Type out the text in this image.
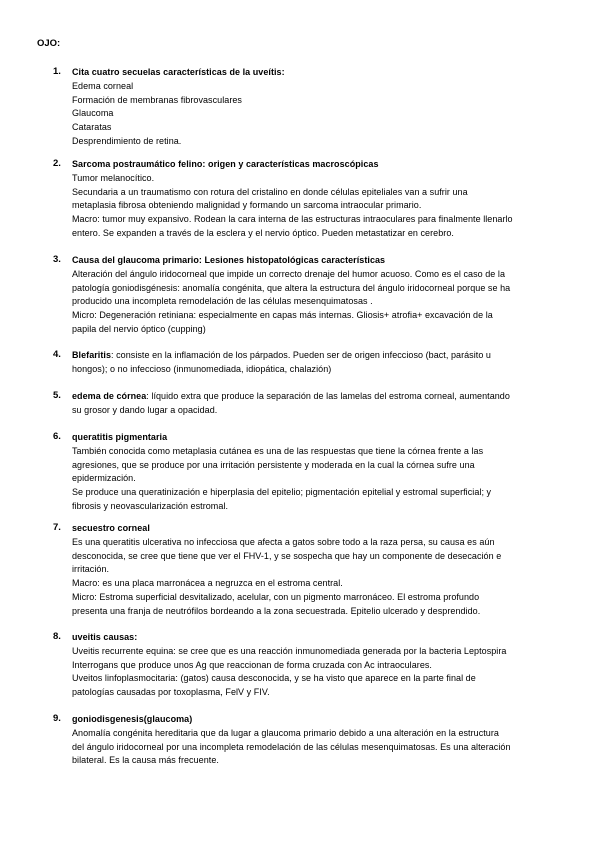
OJO:
1. Cita cuatro secuelas características de la uveítis:
Edema corneal
Formación de membranas fibrovasculares
Glaucoma
Cataratas
Desprendimiento de retina.
2. Sarcoma postraumático felino: origen y características macroscópicas
Tumor melanocítico.
Secundaria a un traumatismo con rotura del cristalino en donde células epiteliales van a sufrir una
metaplasia fibrosa obteniendo malignidad y formando un sarcoma intraocular primario.
Macro: tumor muy expansivo. Rodean la cara interna de las estructuras intraoculares para finalmente llenarlo
entero. Se expanden a través de la esclera y el nervio óptico. Pueden metastatizar en cerebro.
3. Causa del glaucoma primario: Lesiones histopatológicas características
Alteración del ángulo iridocorneal que impide un correcto drenaje del humor acuoso. Como es el caso de la
patología goniodisgénesis: anomalía congénita, que altera la estructura del ángulo iridocorneal porque se ha
producido una incompleta remodelación de las células mesenquimatosas .
Micro: Degeneración retiniana: especialmente en capas más internas. Gliosis+ atrofia+ excavación de la
papila del nervio óptico (cupping)
4. Blefaritis: consiste en la inflamación de los párpados. Pueden ser de origen infeccioso (bact, parásito u
hongos); o no infeccioso (inmunomediada, idiopática, chalazión)
5. edema de córnea: líquido extra que produce la separación de las lamelas del estroma corneal, aumentando
su grosor y dando lugar a opacidad.
6. queratitis pigmentaria
También conocida como metaplasia cutánea es una de las respuestas que tiene la córnea frente a las
agresiones, que se produce por una irritación persistente y moderada en la cual la córnea sufre una
epidermización.
Se produce una queratinización e hiperplasia del epitelio; pigmentación epitelial y estromal superficial; y
fibrosis y neovascularización estromal.
7. secuestro corneal
Es una queratitis ulcerativa no infecciosa que afecta a gatos sobre todo a la raza persa, su causa es aún
desconocida, se cree que tiene que ver el FHV-1, y se sospecha que hay un componente de desecación e
irritación.
Macro: es una placa marronácea a negruzca en el estroma central.
Micro: Estroma superficial desvitalizado, acelular, con un pigmento marronáceo. El estroma profundo
presenta una franja de neutrófilos bordeando a la zona secuestrada. Epitelio ulcerado y desprendido.
8. uveitis causas:
Uveitis recurrente equina: se cree que es una reacción inmunomediada generada por la bacteria Leptospira
Interrogans que produce unos Ag que reaccionan de forma cruzada con Ac intraoculares.
Uveitos linfoplasmocitaria: (gatos) causa desconocida, y se ha visto que aparece en la parte final de
patologías causadas por toxoplasma, FelV y FIV.
9. goniodisgenesis(glaucoma)
Anomalía congénita hereditaria que da lugar a glaucoma primario debido a una alteración en la estructura
del ángulo iridocorneal por una incompleta remodelación de las células mesenquimatosas. Es una alteración
bilateral. Es la causa más frecuente.
